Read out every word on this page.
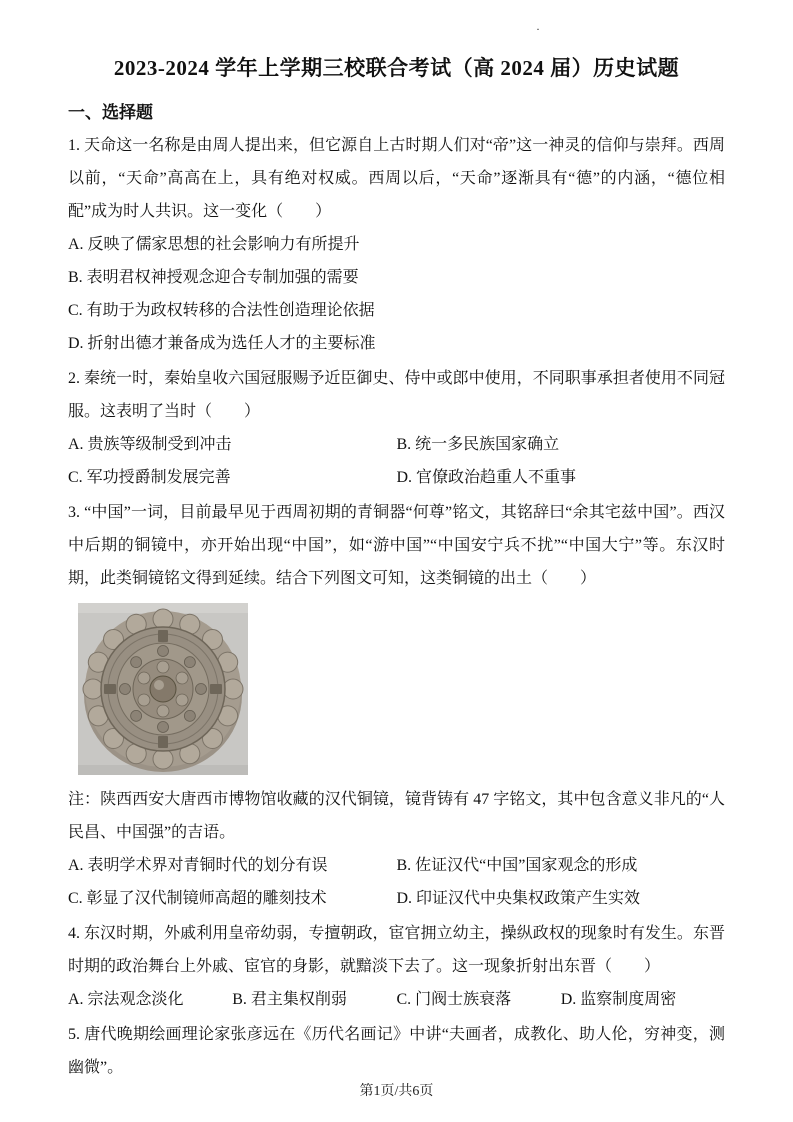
·
2023-2024 学年上学期三校联合考试（高 2024 届）历史试题
一、选择题

1. 天命这一名称是由周人提出来，但它源自上古时期人们对“帝”这一神灵的信仰与崇拜。西周以前，“天命”高高在上，具有绝对权威。西周以后，“天命”逐渐具有“德”的内涵，“德位相配”成为时人共识。这一变化（　　）

A. 反映了儒家思想的社会影响力有所提升

B. 表明君权神授观念迎合专制加强的需要

C. 有助于为政权转移的合法性创造理论依据

D. 折射出德才兼备成为选任人才的主要标准

2. 秦统一时，秦始皇收六国冠服赐予近臣御史、侍中或郎中使用，不同职事承担者使用不同冠服。这表明了当时（　　）

A. 贵族等级制受到冲击	B. 统一多民族国家确立

C. 军功授爵制发展完善	D. 官僚政治趋重人不重事

3. “中国”一词，目前最早见于西周初期的青铜器“何尊”铭文，其铭辞曰“余其宅兹中国”。西汉中后期的铜镜中，亦开始出现“中国”，如“游中国”“中国安宁兵不扰”“中国大宁”等。东汉时期，此类铜镜铭文得到延续。结合下列图文可知，这类铜镜的出土（　　）

注：陕西西安大唐西市博物馆收藏的汉代铜镜，镜背铸有 47 字铭文，其中包含意义非凡的“人民昌、中国强”的吉语。

A. 表明学术界对青铜时代的划分有误	B. 佐证汉代“中国”国家观念的形成

C. 彰显了汉代制镜师高超的雕刻技术	D. 印证汉代中央集权政策产生实效

4. 东汉时期，外戚利用皇帝幼弱，专擅朝政，宦官拥立幼主，操纵政权的现象时有发生。东晋时期的政治舞台上外戚、宦官的身影，就黯淡下去了。这一现象折射出东晋（　　）

A. 宗法观念淡化	B. 君主集权削弱	C. 门阀士族衰落	D. 监察制度周密

5. 唐代晚期绘画理论家张彦远在《历代名画记》中讲“夫画者，成教化、助人伦，穷神变，测幽微”。

第1页/共6页
